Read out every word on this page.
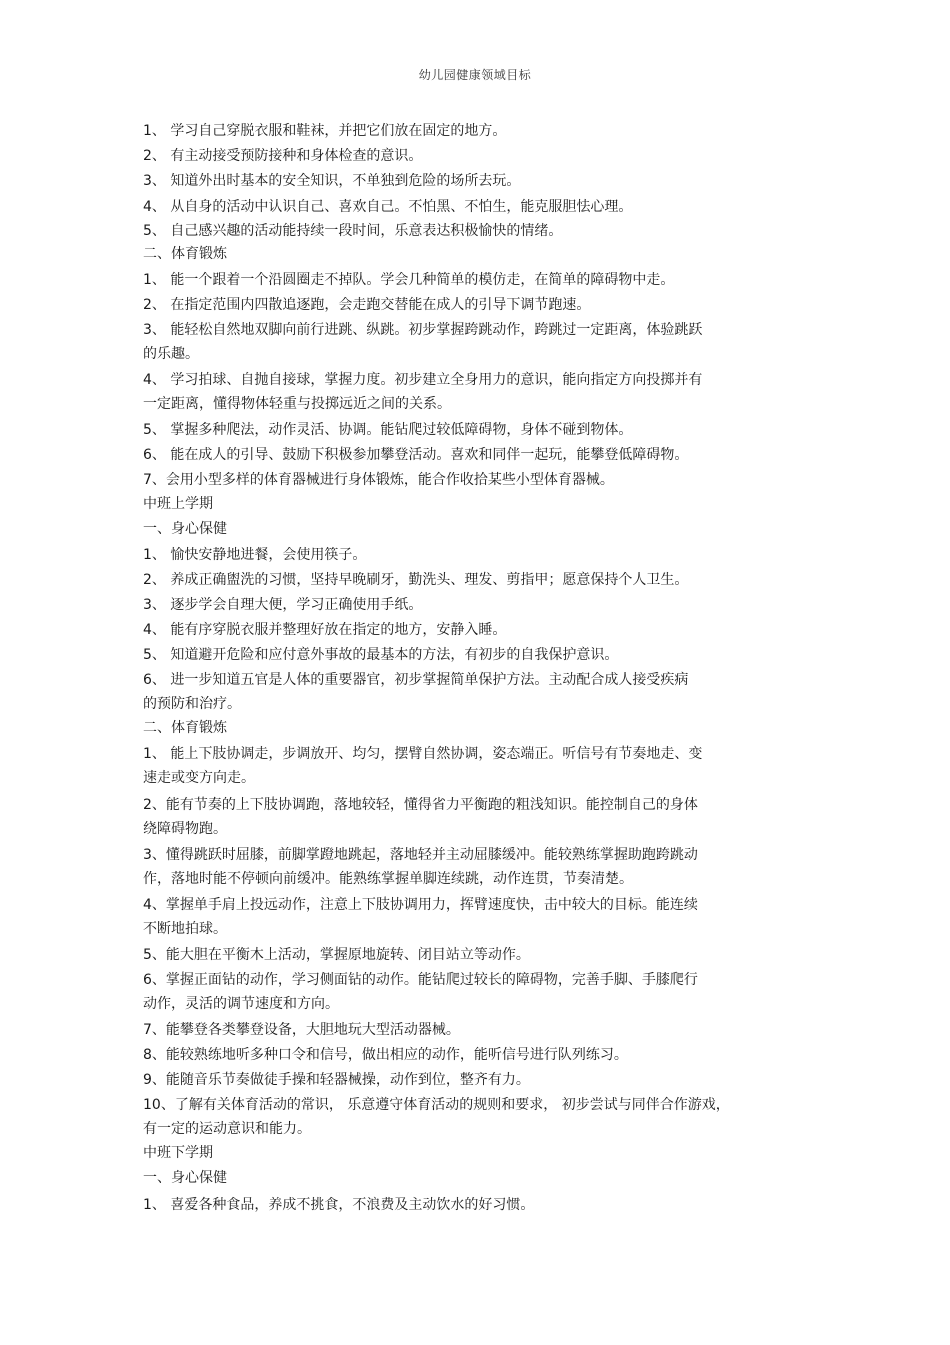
幼儿园健康领域目标
1、 学习自己穿脱衣服和鞋袜，并把它们放在固定的地方。
2、 有主动接受预防接种和身体检查的意识。
3、 知道外出时基本的安全知识，不单独到危险的场所去玩。
4、 从自身的活动中认识自己、喜欢自己。不怕黑、不怕生，能克服胆怯心理。
5、 自己感兴趣的活动能持续一段时间，乐意表达积极愉快的情绪。
二、体育锻炼
1、 能一个跟着一个沿圆圈走不掉队。学会几种简单的模仿走，在简单的障碍物中走。
2、 在指定范围内四散追逐跑，会走跑交替能在成人的引导下调节跑速。
3、 能轻松自然地双脚向前行进跳、纵跳。初步掌握跨跳动作，跨跳过一定距离，体验跳跃
的乐趣。
4、 学习拍球、自抛自接球，掌握力度。初步建立全身用力的意识，能向指定方向投掷并有
一定距离，懂得物体轻重与投掷远近之间的关系。
5、 掌握多种爬法，动作灵活、协调。能钻爬过较低障碍物，身体不碰到物体。
6、 能在成人的引导、鼓励下积极参加攀登活动。喜欢和同伴一起玩，能攀登低障碍物。
7、会用小型多样的体育器械进行身体锻炼，能合作收拾某些小型体育器械。
中班上学期
一、身心保健
1、 愉快安静地进餐，会使用筷子。
2、 养成正确盥洗的习惯，坚持早晚刷牙，勤洗头、理发、剪指甲；愿意保持个人卫生。
3、 逐步学会自理大便，学习正确使用手纸。
4、 能有序穿脱衣服并整理好放在指定的地方，安静入睡。
5、 知道避开危险和应付意外事故的最基本的方法，有初步的自我保护意识。
6、 进一步知道五官是人体的重要器官，初步掌握简单保护方法。主动配合成人接受疾病
的预防和治疗。
二、体育锻炼
1、 能上下肢协调走，步调放开、均匀，摆臂自然协调，姿态端正。听信号有节奏地走、变
速走或变方向走。
2、能有节奏的上下肢协调跑，落地较轻，懂得省力平衡跑的粗浅知识。能控制自己的身体
绕障碍物跑。
3、懂得跳跃时屈膝，前脚掌蹬地跳起，落地轻并主动屈膝缓冲。能较熟练掌握助跑跨跳动
作，落地时能不停顿向前缓冲。能熟练掌握单脚连续跳，动作连贯，节奏清楚。
4、掌握单手肩上投远动作，注意上下肢协调用力，挥臂速度快，击中较大的目标。能连续
不断地拍球。
5、能大胆在平衡木上活动，掌握原地旋转、闭目站立等动作。
6、掌握正面钻的动作，学习侧面钻的动作。能钻爬过较长的障碍物，完善手脚、手膝爬行
动作，灵活的调节速度和方向。
7、能攀登各类攀登设备，大胆地玩大型活动器械。
8、能较熟练地听多种口令和信号，做出相应的动作，能听信号进行队列练习。
9、能随音乐节奏做徒手操和轻器械操，动作到位，整齐有力。
10、了解有关体育活动的常识， 乐意遵守体育活动的规则和要求， 初步尝试与同伴合作游戏，
有一定的运动意识和能力。
中班下学期
一、身心保健
1、 喜爱各种食品，养成不挑食，不浪费及主动饮水的好习惯。
